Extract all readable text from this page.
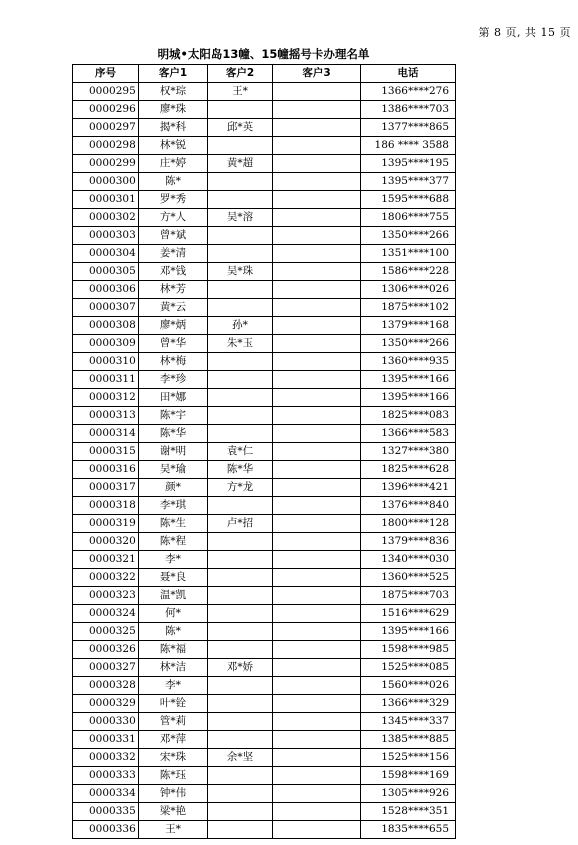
第 8 页, 共 15 页
明城•太阳岛13幢、15幢摇号卡办理名单
序号	客户1	客户2	客户3	电话
0000295	权*琮	王*		1366****276
0000296	廖*珠			1386****703
0000297	揭*科	邱*英		1377****865
0000298	林*锐			186 **** 3588
0000299	庄*婷	黄*超		1395****195
0000300	陈*			1395****377
0000301	罗*秀			1595****688
0000302	方*人	吴*溶		1806****755
0000303	曾*斌			1350****266
0000304	姜*清			1351****100
0000305	邓*钱	吴*珠		1586****228
0000306	林*芳			1306****026
0000307	黄*云			1875****102
0000308	廖*炳	孙*		1379****168
0000309	曾*华	朱*玉		1350****266
0000310	林*梅			1360****935
0000311	李*珍			1395****166
0000312	田*娜			1395****166
0000313	陈*宇			1825****083
0000314	陈*华			1366****583
0000315	谢*明	袁*仁		1327****380
0000316	吴*瑜	陈*华		1825****628
0000317	颜*	方*龙		1396****421
0000318	李*琪			1376****840
0000319	陈*生	卢*招		1800****128
0000320	陈*程			1379****836
0000321	李*			1340****030
0000322	聂*良			1360****525
0000323	温*凯			1875****703
0000324	何*			1516****629
0000325	陈*			1395****166
0000326	陈*福			1598****985
0000327	林*洁	邓*娇		1525****085
0000328	李*			1560****026
0000329	叶*铨			1366****329
0000330	管*莉			1345****337
0000331	邓*萍			1385****885
0000332	宋*珠	余*坚		1525****156
0000333	陈*珏			1598****169
0000334	钟*伟			1305****926
0000335	梁*艳			1528****351
0000336	王*			1835****655
